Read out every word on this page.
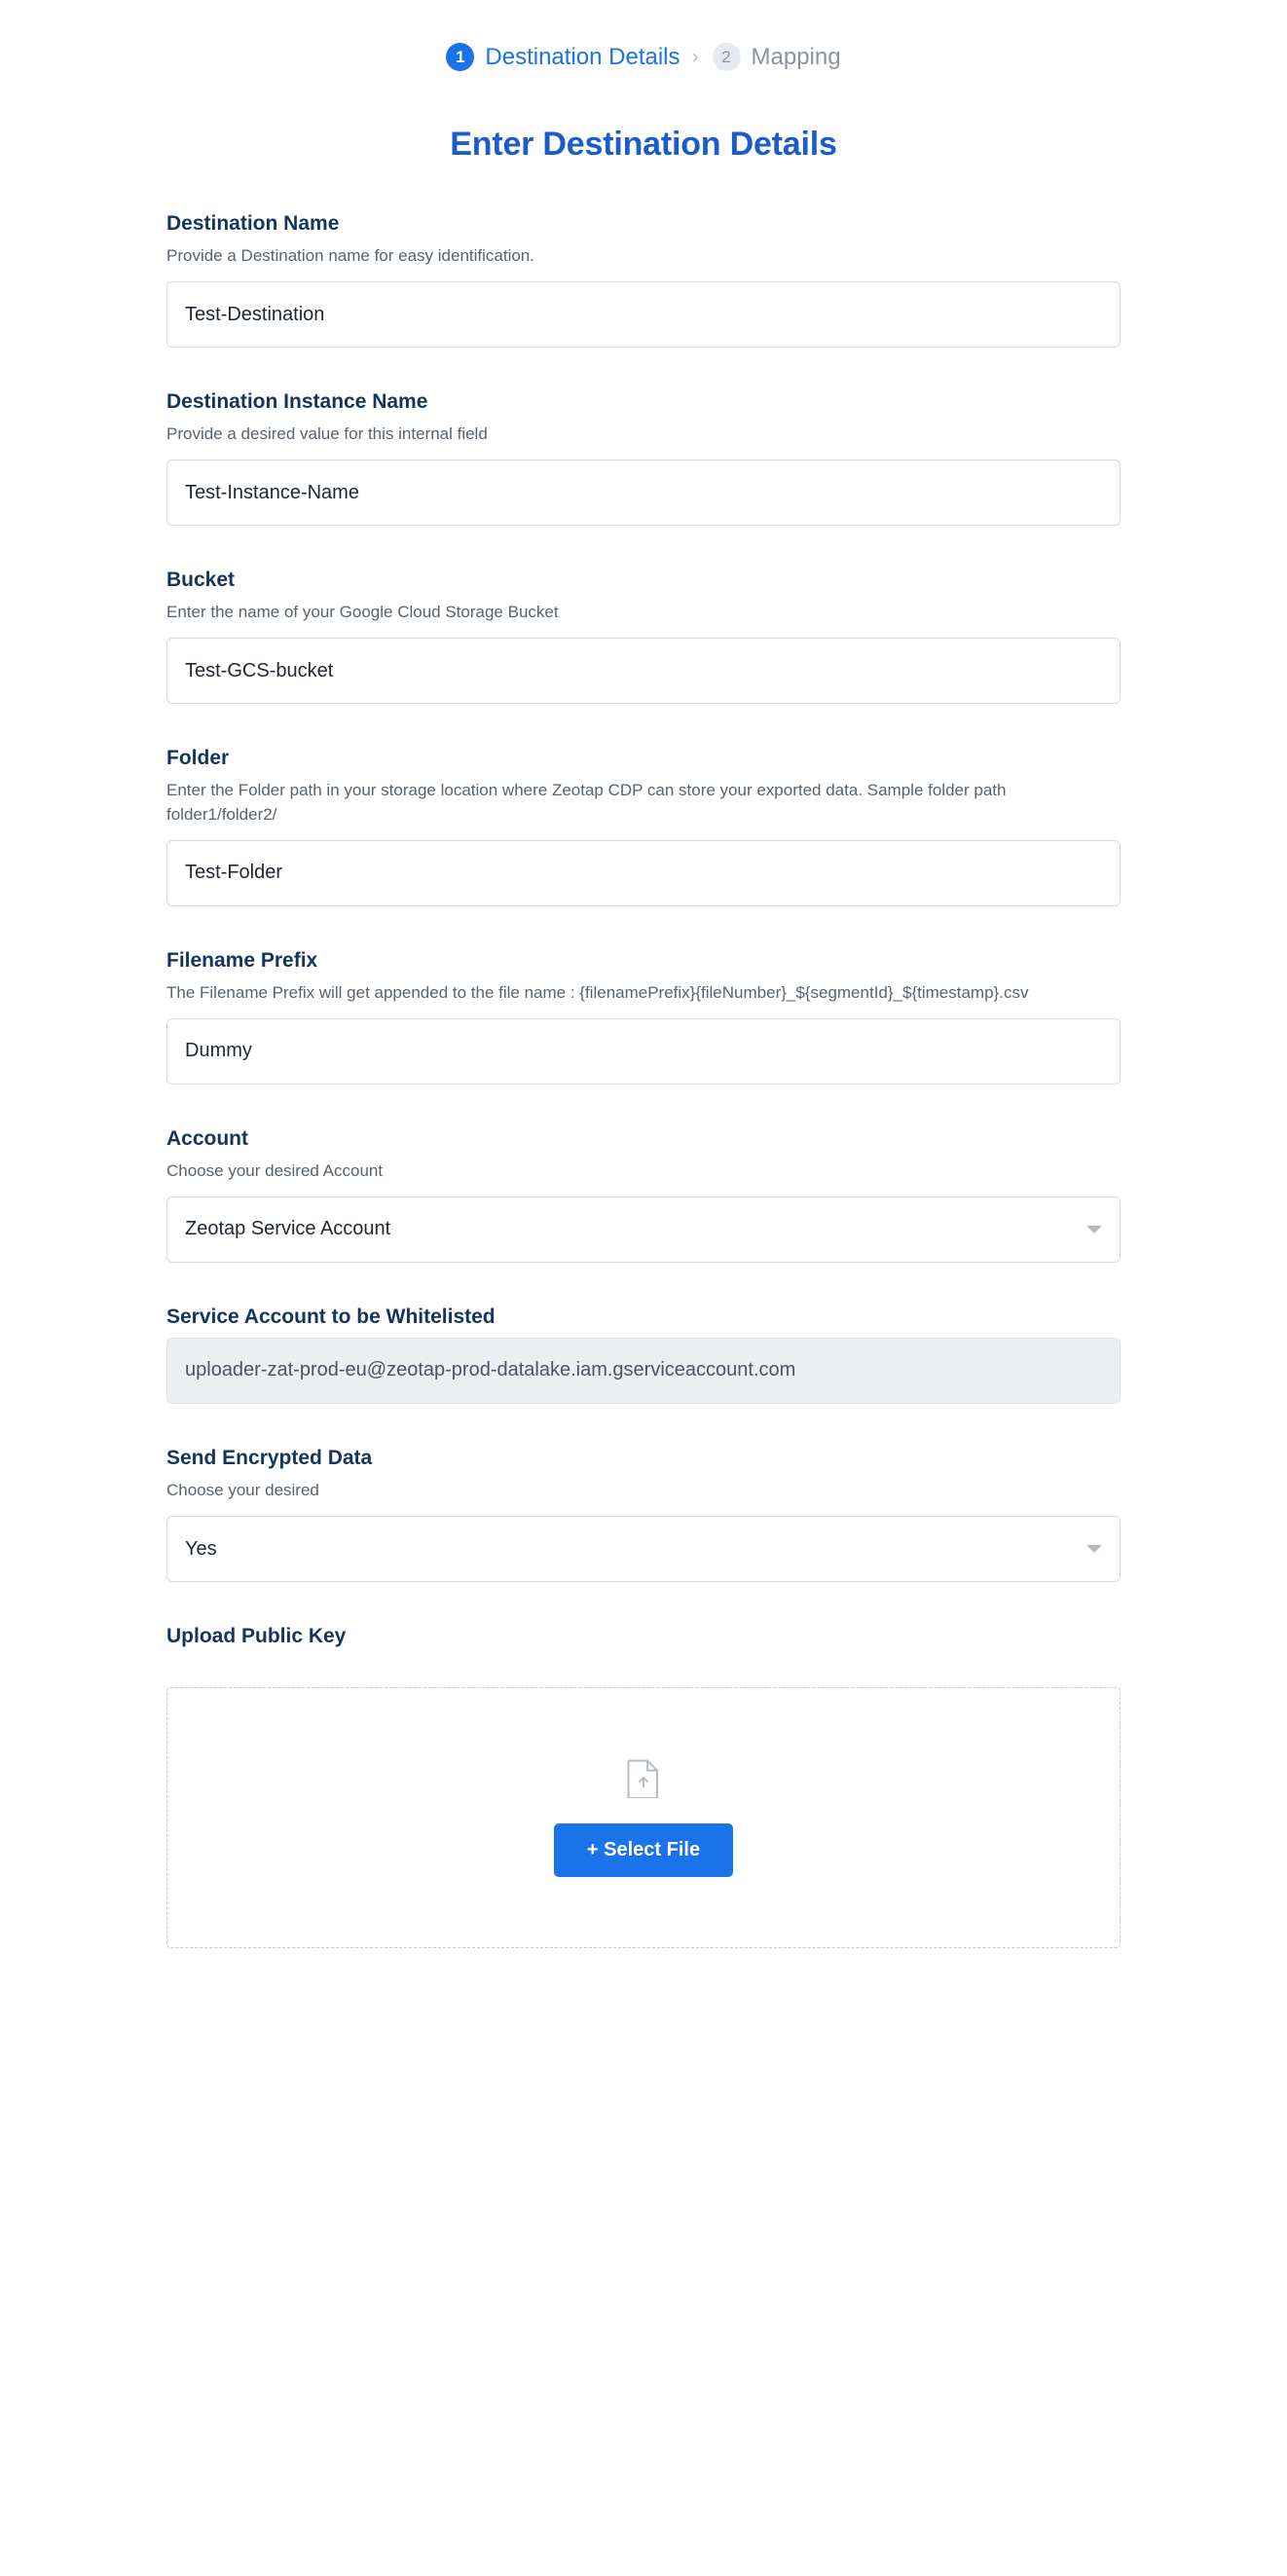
1 Destination Details ›	2 Mapping
Enter Destination Details
Destination Name
Provide a Destination name for easy identification.
Test-Destination
Destination Instance Name
Provide a desired value for this internal field
Test-Instance-Name
Bucket
Enter the name of your Google Cloud Storage Bucket
Test-GCS-bucket
Folder
Enter the Folder path in your storage location where Zeotap CDP can store your exported data. Sample folder path folder1/folder2/
Test-Folder
Filename Prefix
The Filename Prefix will get appended to the file name : {filenamePrefix}{fileNumber}_${segmentId}_${timestamp}.csv
Dummy
Account
Choose your desired Account
Zeotap Service Account
Service Account to be Whitelisted
uploader-zat-prod-eu@zeotap-prod-datalake.iam.gserviceaccount.com
Send Encrypted Data
Choose your desired
Yes
Upload Public Key
+ Select File
